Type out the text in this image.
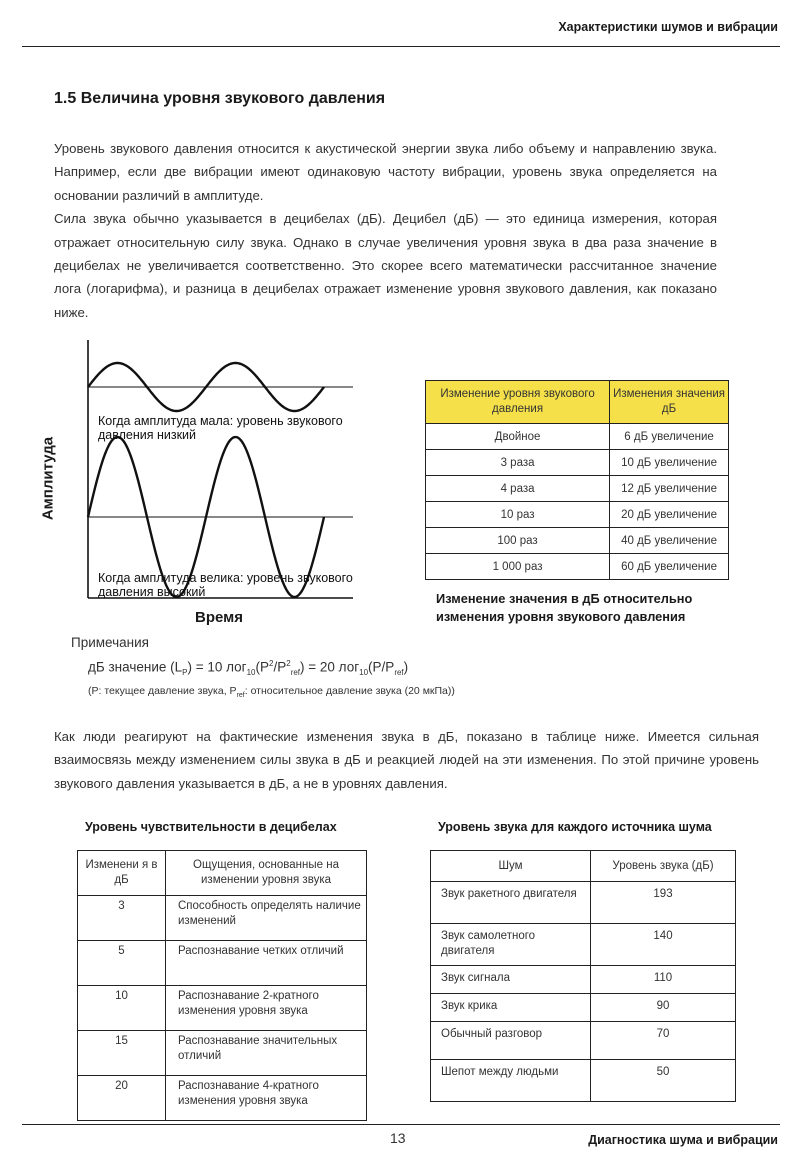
Характеристики шумов и вибрации
1.5 Величина уровня звукового давления

Уровень звукового давления относится к акустической энергии звука либо объему и направлению звука. Например, если две вибрации имеют одинаковую частоту вибрации, уровень звука определяется на основании различий в амплитуде.

Сила звука обычно указывается в децибелах (дБ). Децибел (дБ) — это единица измерения, которая отражает относительную силу звука. Однако в случае увеличения уровня звука в два раза значение в децибелах не увеличивается соответственно. Это скорее всего математически рассчитанное значение лога (логарифма), и разница в децибелах отражает изменение уровня звукового давления, как показано ниже.

Амплитуда
Когда амплитуда мала: уровень звукового
давления низкий
Когда амплитуда велика: уровень звукового
давления высокий
Время
Изменение уровня звукового давления	Изменения значения дБ
Двойное	6 дБ увеличение
3 раза	10 дБ увеличение
4 раза	12 дБ увеличение
10 раз	20 дБ увеличение
100 раз	40 дБ увеличение
1 000 раз	60 дБ увеличение
Изменение значения в дБ относительно
изменения уровня звукового давления
Примечания
дБ значение $(L_P) = 10$ $лог_{10}(P^2/P^2_{ref}) = 20$ $лог_{10}(P/P_{ref})$
(P: текущее давление звука, $P_{ref}$: относительное давление звука (20 мкПа))
Как люди реагируют на фактические изменения звука в дБ, показано в таблице ниже. Имеется сильная взаимосвязь между изменением силы звука в дБ и реакцией людей на эти изменения. По этой причине уровень звукового давления указывается в дБ, а не в уровнях давления.
Уровень чувствительности в децибелах
Изменени я в дБ	Ощущения, основанные на изменении уровня звука
3	Способность определять наличие изменений
5	Распознавание четких отличий
10	Распознавание 2-кратного изменения уровня звука
15	Распознавание значительных отличий
20	Распознавание 4-кратного изменения уровня звука
Уровень звука для каждого источника шума
Шум	Уровень звука (дБ)
Звук ракетного двигателя	193
Звук самолетного двигателя	140
Звук сигнала	110
Звук крика	90
Обычный разговор	70
Шепот между людьми	50
13	Диагностика шума и вибрации
